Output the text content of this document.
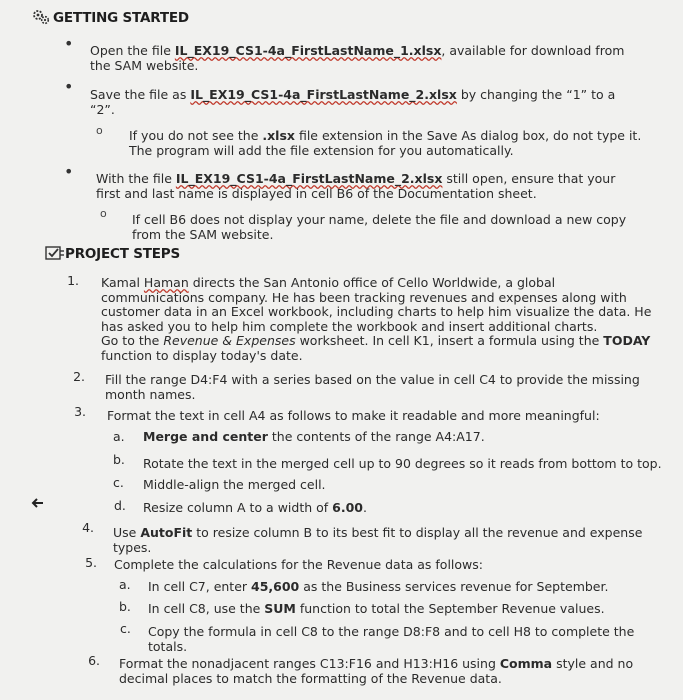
GETTING STARTED
• Open the file IL_EX19_CS1-4a_FirstLastName_1.xlsx, available for download from
the SAM website.
• Save the file as IL_EX19_CS1-4a_FirstLastName_2.xlsx by changing the “1” to a
“2”.
o If you do not see the .xlsx file extension in the Save As dialog box, do not type it.
The program will add the file extension for you automatically.
• With the file IL_EX19_CS1-4a_FirstLastName_2.xlsx still open, ensure that your
first and last name is displayed in cell B6 of the Documentation sheet.
o If cell B6 does not display your name, delete the file and download a new copy
from the SAM website.
PROJECT STEPS
1. Kamal Haman directs the San Antonio office of Cello Worldwide, a global
communications company. He has been tracking revenues and expenses along with
customer data in an Excel workbook, including charts to help him visualize the data. He
has asked you to help him complete the workbook and insert additional charts.
Go to the Revenue & Expenses worksheet. In cell K1, insert a formula using the TODAY
function to display today's date.
2. Fill the range D4:F4 with a series based on the value in cell C4 to provide the missing
month names.
3. Format the text in cell A4 as follows to make it readable and more meaningful:
a. Merge and center the contents of the range A4:A17.
b. Rotate the text in the merged cell up to 90 degrees so it reads from bottom to top.
c. Middle-align the merged cell.
d. Resize column A to a width of 6.00.
4. Use AutoFit to resize column B to its best fit to display all the revenue and expense
types.
5. Complete the calculations for the Revenue data as follows:
a. In cell C7, enter 45,600 as the Business services revenue for September.
b. In cell C8, use the SUM function to total the September Revenue values.
c. Copy the formula in cell C8 to the range D8:F8 and to cell H8 to complete the
totals.
6. Format the nonadjacent ranges C13:F16 and H13:H16 using Comma style and no
decimal places to match the formatting of the Revenue data.
